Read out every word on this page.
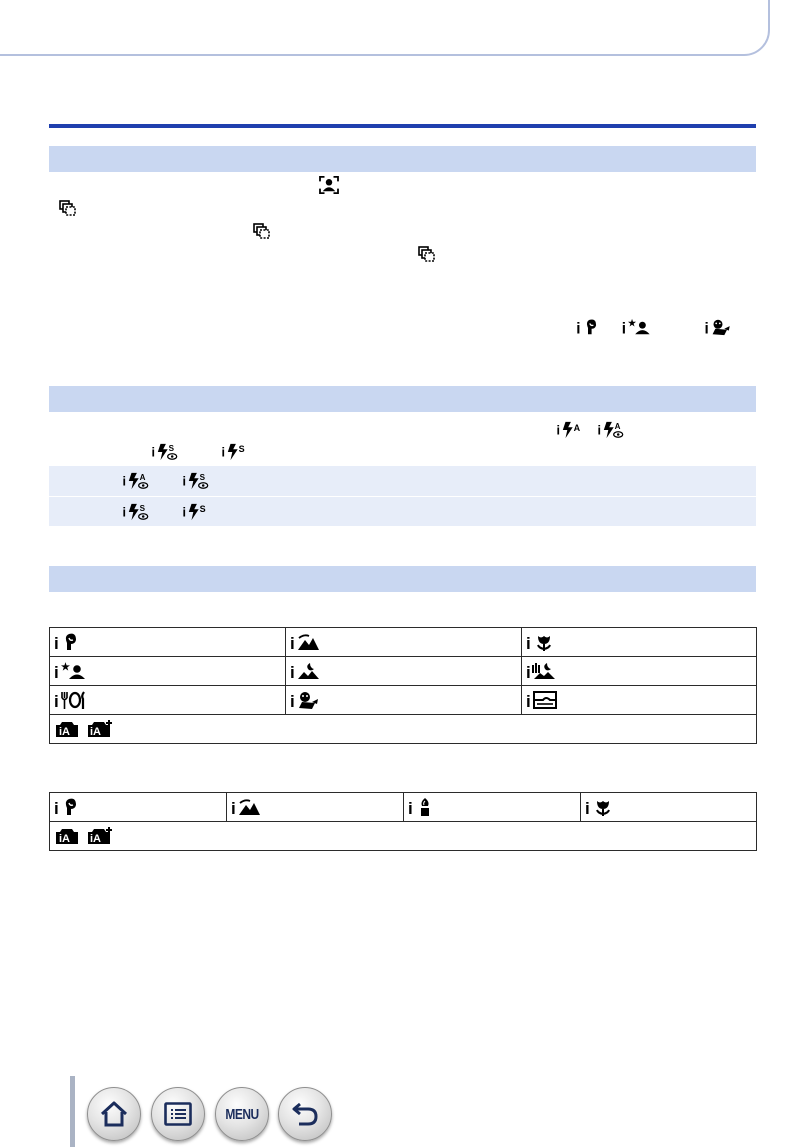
i i ★	i
i A i A
i S	i S
i A	i S
i S	i S
i	i	i

i ★	i	i

i	i	i

iA iA		
i	i	i	i

iA iA
MENU
